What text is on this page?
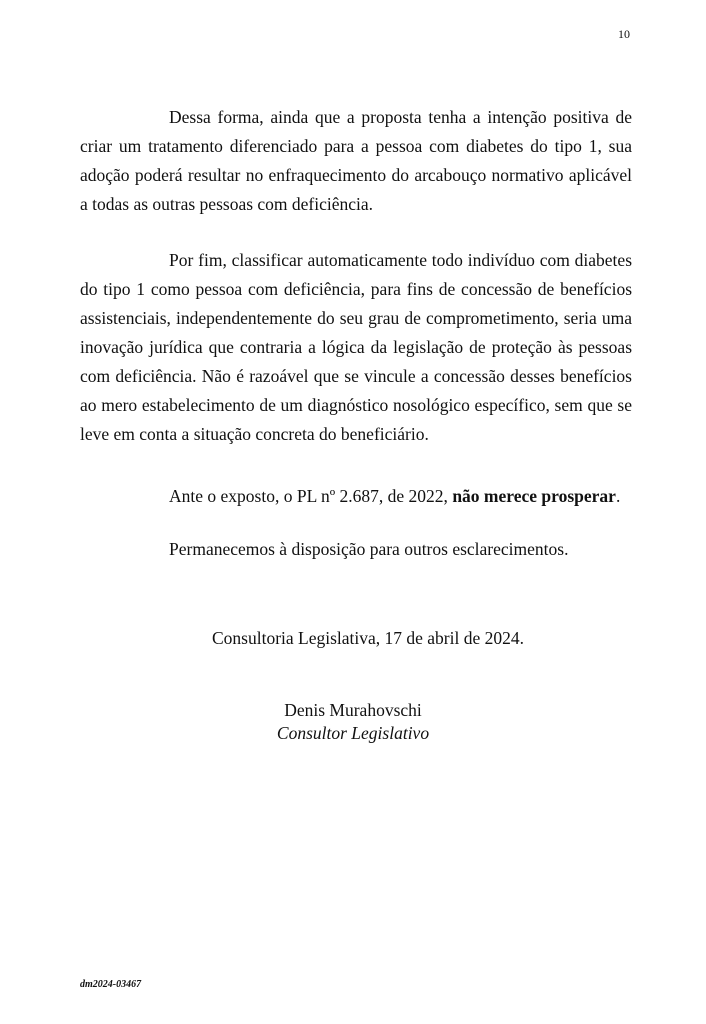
10

Dessa forma, ainda que a proposta tenha a intenção positiva de criar um tratamento diferenciado para a pessoa com diabetes do tipo 1, sua adoção poderá resultar no enfraquecimento do arcabouço normativo aplicável a todas as outras pessoas com deficiência.

Por fim, classificar automaticamente todo indivíduo com diabetes do tipo 1 como pessoa com deficiência, para fins de concessão de benefícios assistenciais, independentemente do seu grau de comprometimento, seria uma inovação jurídica que contraria a lógica da legislação de proteção às pessoas com deficiência. Não é razoável que se vincule a concessão desses benefícios ao mero estabelecimento de um diagnóstico nosológico específico, sem que se leve em conta a situação concreta do beneficiário.

Ante o exposto, o PL nº 2.687, de 2022, não merece prosperar.

Permanecemos à disposição para outros esclarecimentos.

Consultoria Legislativa, 17 de abril de 2024.
Denis Murahovschi
Consultor Legislativo
dm2024-03467
